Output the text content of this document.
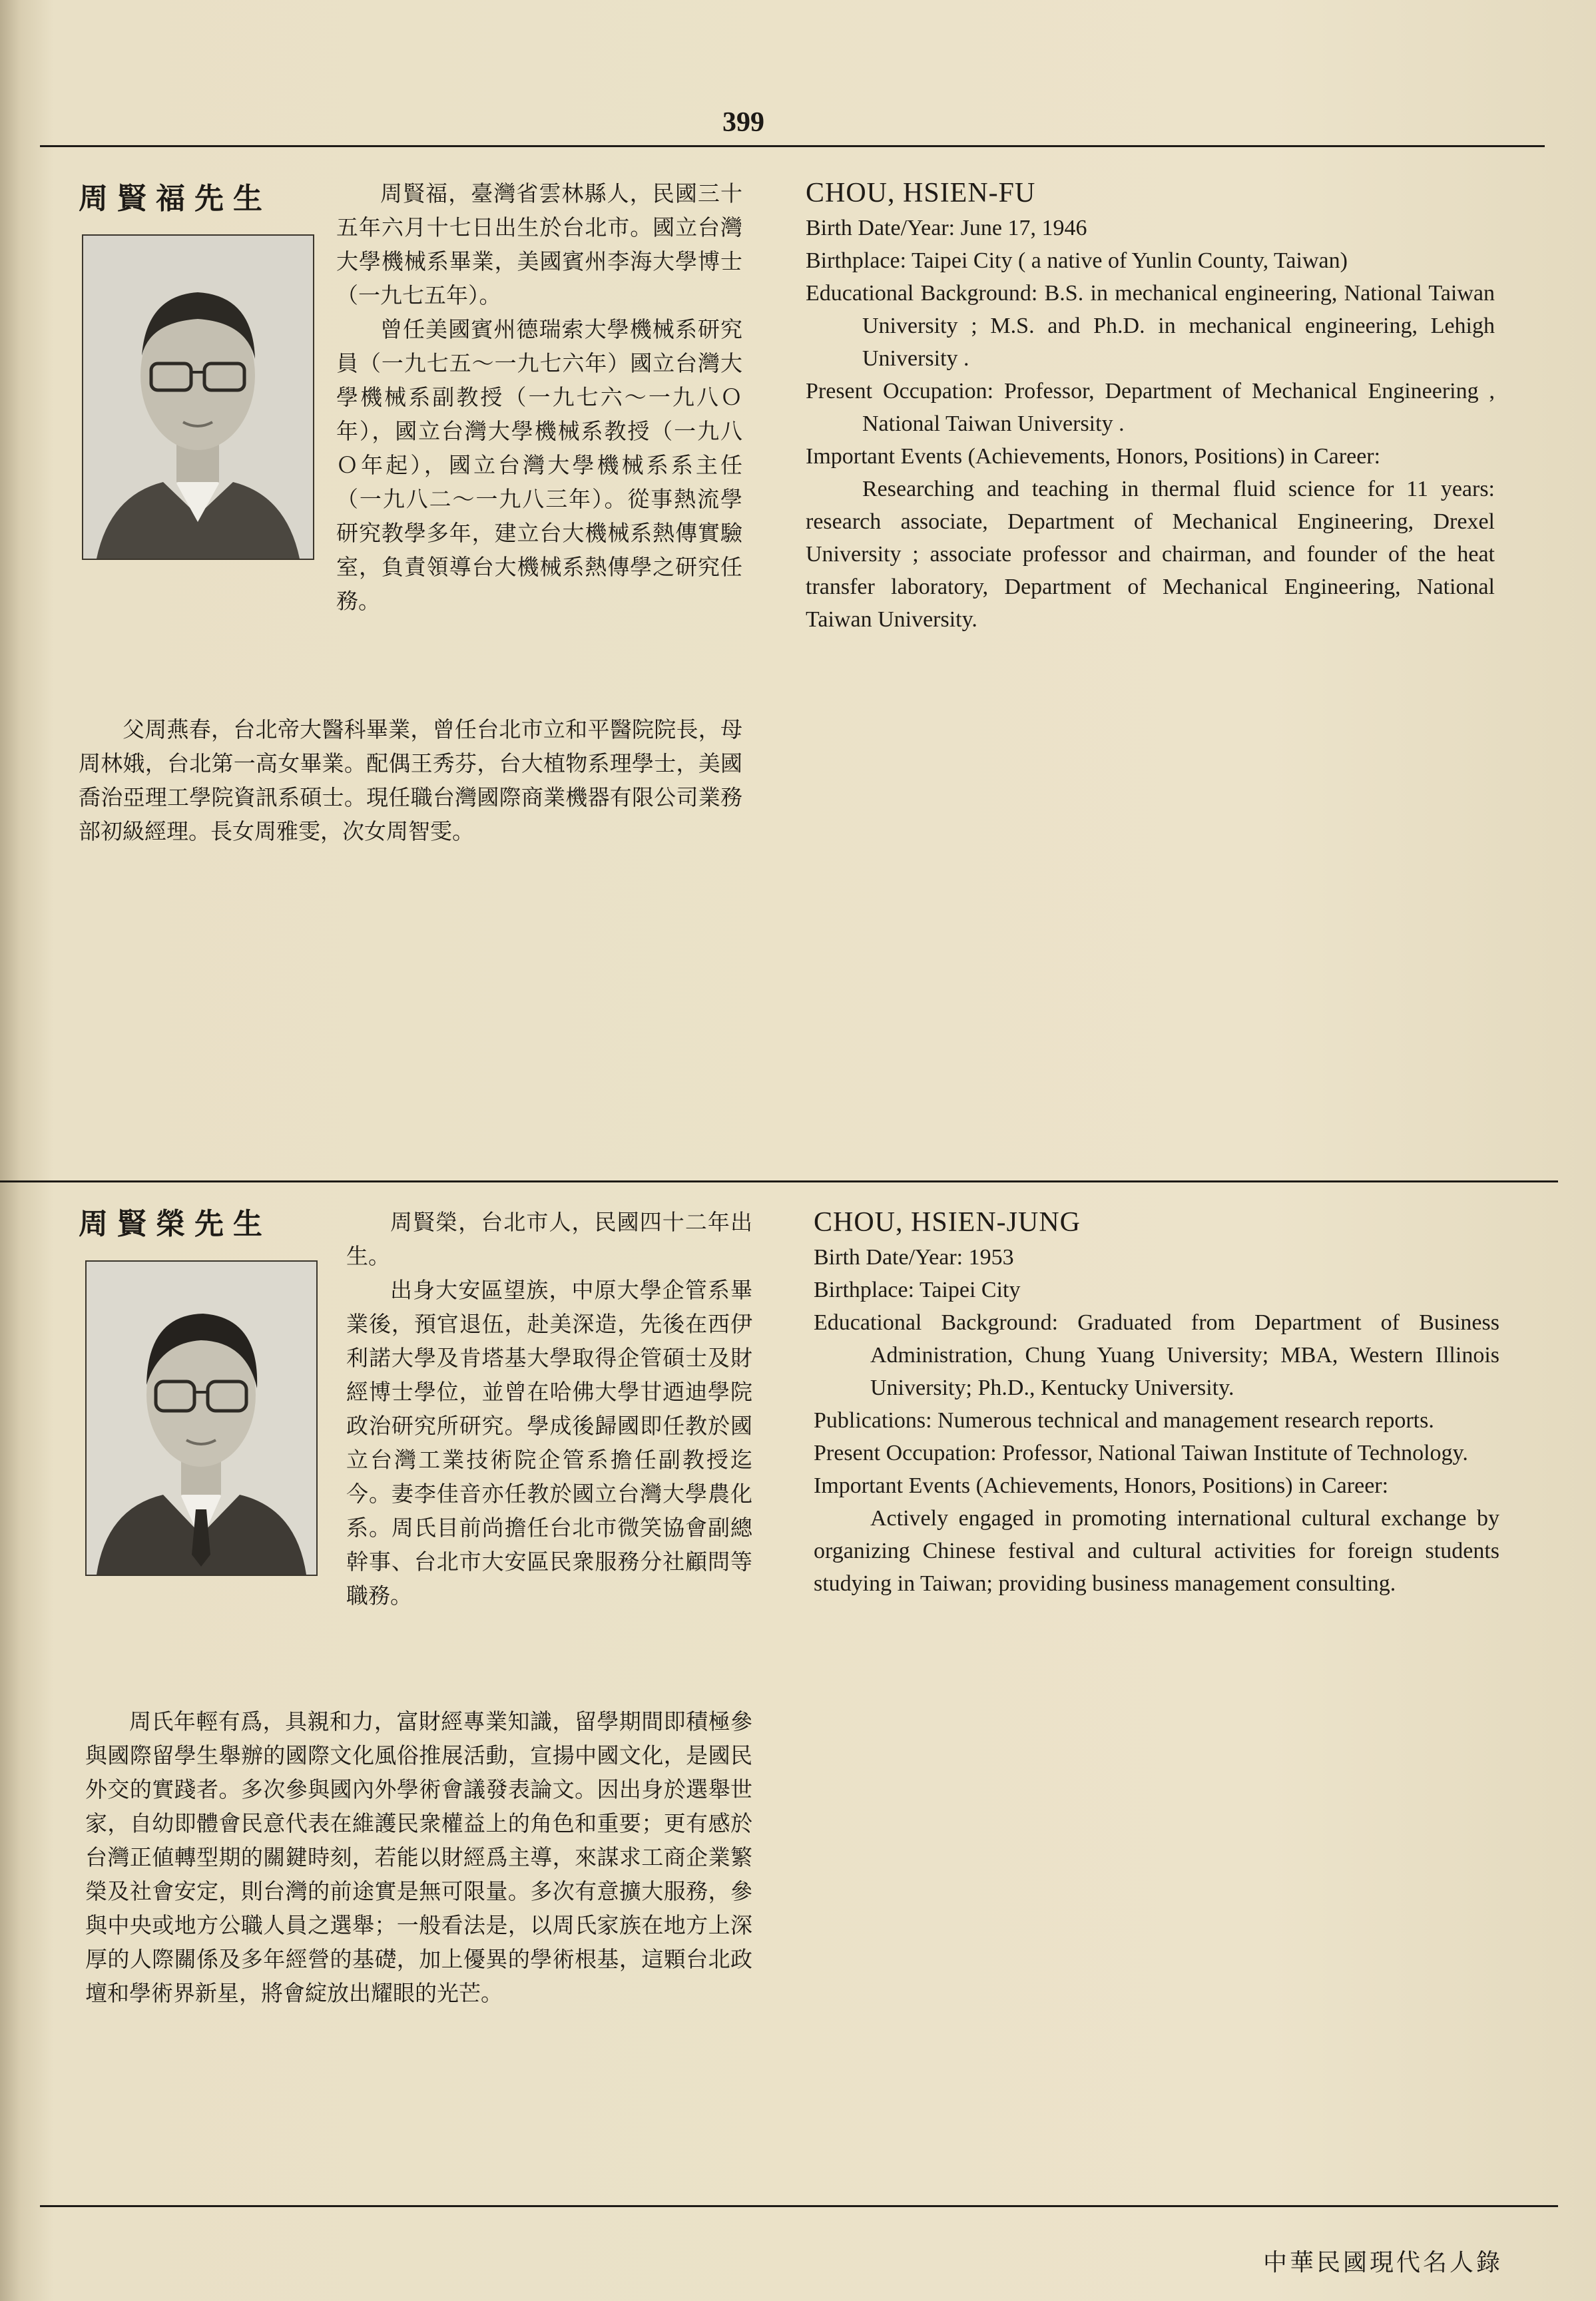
399
周賢福先生	周賢福，臺灣省雲林縣人，民國三十五年六月十七日出生於台北市。國立台灣大學機械系畢業，美國賓州李海大學博士（一九七五年）。

曾任美國賓州德瑞索大學機械系研究員（一九七五～一九七六年）國立台灣大學機械系副教授（一九七六～一九八Ｏ年），國立台灣大學機械系教授（一九八Ｏ年起），國立台灣大學機械系系主任（一九八二～一九八三年）。從事熱流學研究教學多年，建立台大機械系熱傳實驗室，負責領導台大機械系熱傳學之研究任務。

父周燕春，台北帝大醫科畢業，曾任台北市立和平醫院院長，母周林娥，台北第一高女畢業。配偶王秀芬，台大植物系理學士，美國喬治亞理工學院資訊系碩士。現任職台灣國際商業機器有限公司業務部初級經理。長女周雅雯，次女周智雯。

CHOU, HSIEN-FU

Birth Date/Year: June 17, 1946

Birthplace: Taipei City ( a native of Yunlin County, Taiwan)

Educational Background: B.S. in mechanical engineering, National Taiwan University ; M.S. and Ph.D. in mechanical engineering, Lehigh University .

Present Occupation: Professor, Department of Mechanical Engineering , National Taiwan University .

Important Events (Achievements, Honors, Positions) in Career:

Researching and teaching in thermal fluid science for 11 years: research associate, Department of Mechanical Engineering, Drexel University ; associate professor and chairman, and founder of the heat transfer laboratory, Department of Mechanical Engineering, National Taiwan University.

周賢榮先生	周賢榮，台北市人，民國四十二年出生。

出身大安區望族，中原大學企管系畢業後，預官退伍，赴美深造，先後在西伊利諾大學及肯塔基大學取得企管碩士及財經博士學位，並曾在哈佛大學甘迺迪學院政治研究所研究。學成後歸國即任教於國立台灣工業技術院企管系擔任副教授迄今。妻李佳音亦任教於國立台灣大學農化系。周氏目前尚擔任台北市微笑協會副總幹事、台北市大安區民衆服務分社顧問等職務。

周氏年輕有爲，具親和力，富財經專業知識，留學期間即積極參與國際留學生舉辦的國際文化風俗推展活動，宣揚中國文化，是國民外交的實踐者。多次參與國內外學術會議發表論文。因出身於選舉世家，自幼即體會民意代表在維護民衆權益上的角色和重要；更有感於台灣正値轉型期的關鍵時刻，若能以財經爲主導，來謀求工商企業繁榮及社會安定，則台灣的前途實是無可限量。多次有意擴大服務，參與中央或地方公職人員之選舉；一般看法是，以周氏家族在地方上深厚的人際關係及多年經營的基礎，加上優異的學術根基，這顆台北政壇和學術界新星，將會綻放出耀眼的光芒。

CHOU, HSIEN-JUNG

Birth Date/Year: 1953

Birthplace: Taipei City

Educational Background: Graduated from Department of Business Administration, Chung Yuang University; MBA, Western Illinois University; Ph.D., Kentucky University.

Publications: Numerous technical and management research reports.

Present Occupation: Professor, National Taiwan Institute of Technology.

Important Events (Achievements, Honors, Positions) in Career:

Actively engaged in promoting international cultural exchange by organizing Chinese festival and cultural activities for foreign students studying in Taiwan; providing business management consulting.

中華民國現代名人錄
